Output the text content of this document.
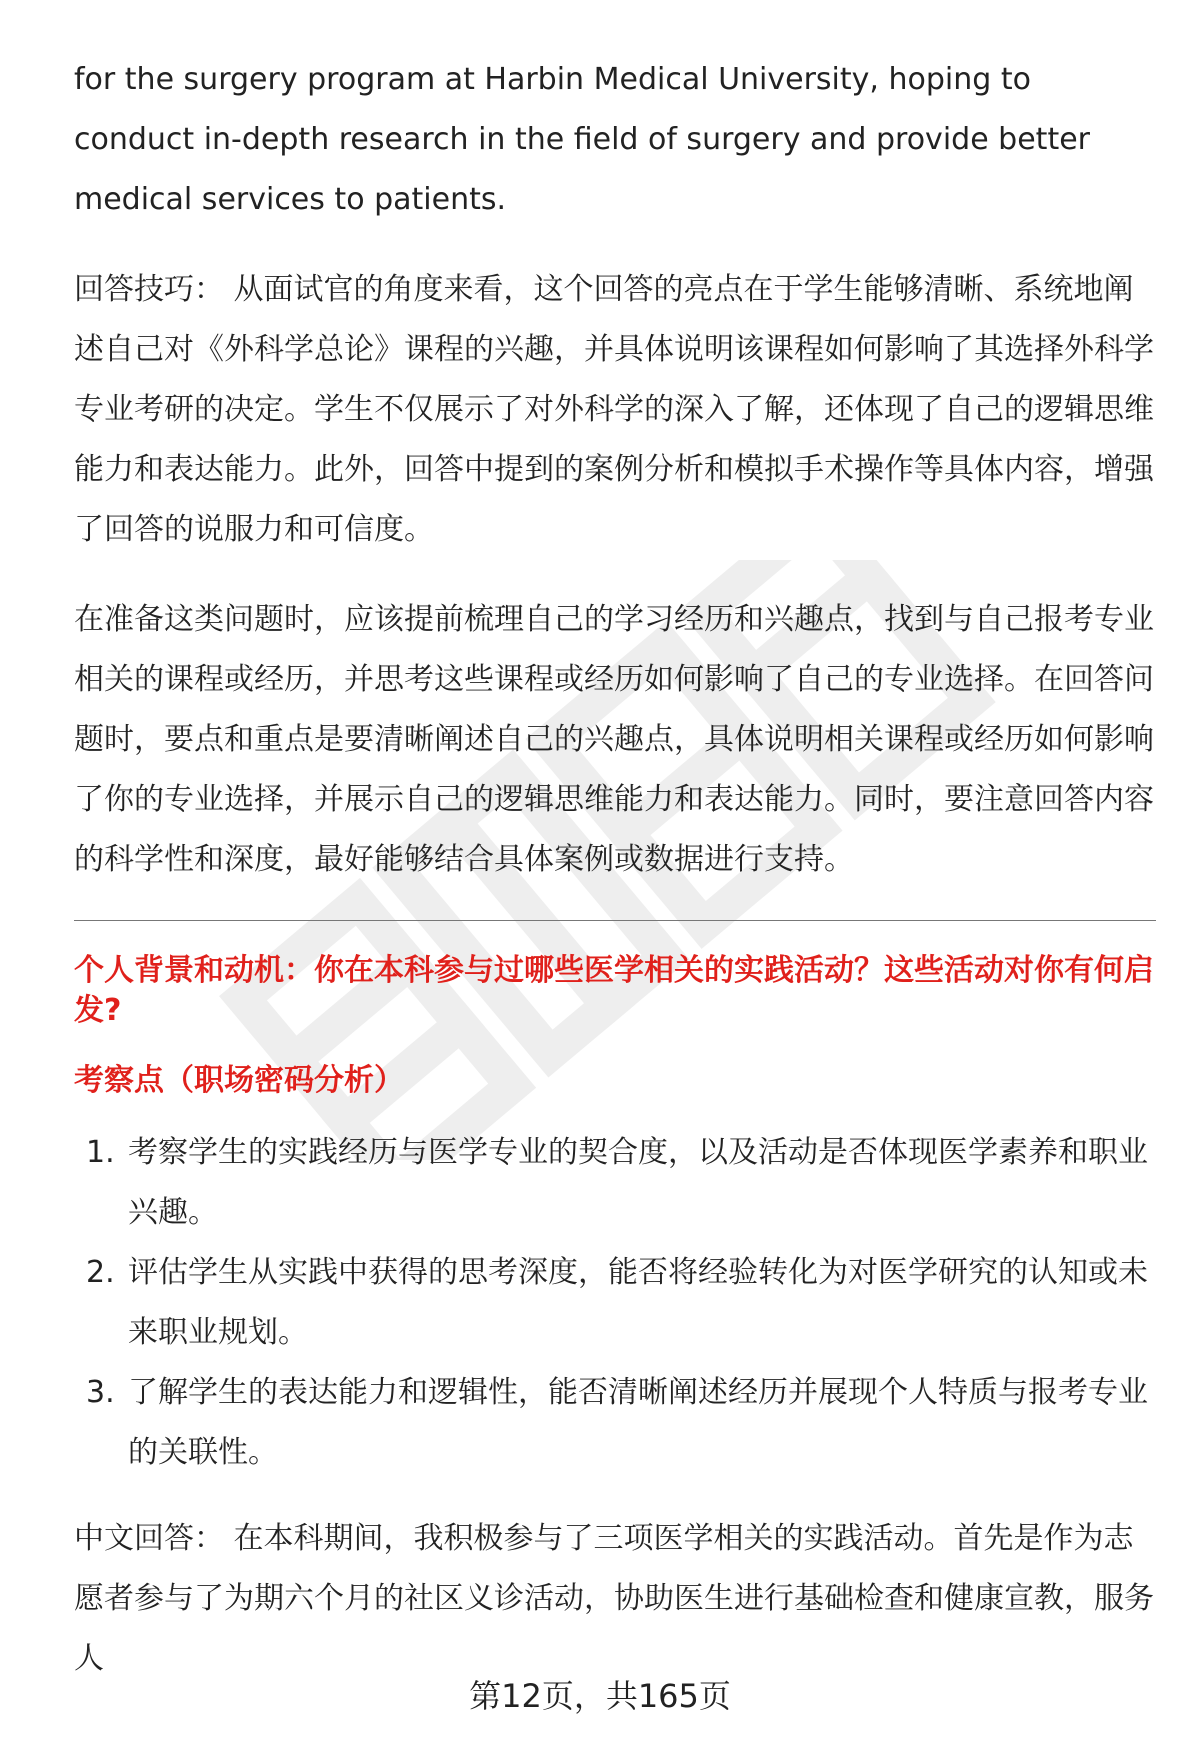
for the surgery program at Harbin Medical University, hoping to conduct in-depth research in the field of surgery and provide better medical services to patients.

回答技巧： 从面试官的角度来看，这个回答的亮点在于学生能够清晰、系统地阐述自己对《外科学总论》课程的兴趣，并具体说明该课程如何影响了其选择外科学专业考研的决定。学生不仅展示了对外科学的深入了解，还体现了自己的逻辑思维能力和表达能力。此外，回答中提到的案例分析和模拟手术操作等具体内容，增强了回答的说服力和可信度。

在准备这类问题时，应该提前梳理自己的学习经历和兴趣点，找到与自己报考专业相关的课程或经历，并思考这些课程或经历如何影响了自己的专业选择。在回答问题时，要点和重点是要清晰阐述自己的兴趣点，具体说明相关课程或经历如何影响了你的专业选择，并展示自己的逻辑思维能力和表达能力。同时，要注意回答内容的科学性和深度，最好能够结合具体案例或数据进行支持。

个人背景和动机：你在本科参与过哪些医学相关的实践活动？这些活动对你有何启发?
考察点（职场密码分析）
1. 考察学生的实践经历与医学专业的契合度，以及活动是否体现医学素养和职业兴趣。
2. 评估学生从实践中获得的思考深度，能否将经验转化为对医学研究的认知或未来职业规划。
3. 了解学生的表达能力和逻辑性，能否清晰阐述经历并展现个人特质与报考专业的关联性。

中文回答： 在本科期间，我积极参与了三项医学相关的实践活动。首先是作为志愿者参与了为期六个月的社区义诊活动，协助医生进行基础检查和健康宣教，服务人

第12页，共165页
